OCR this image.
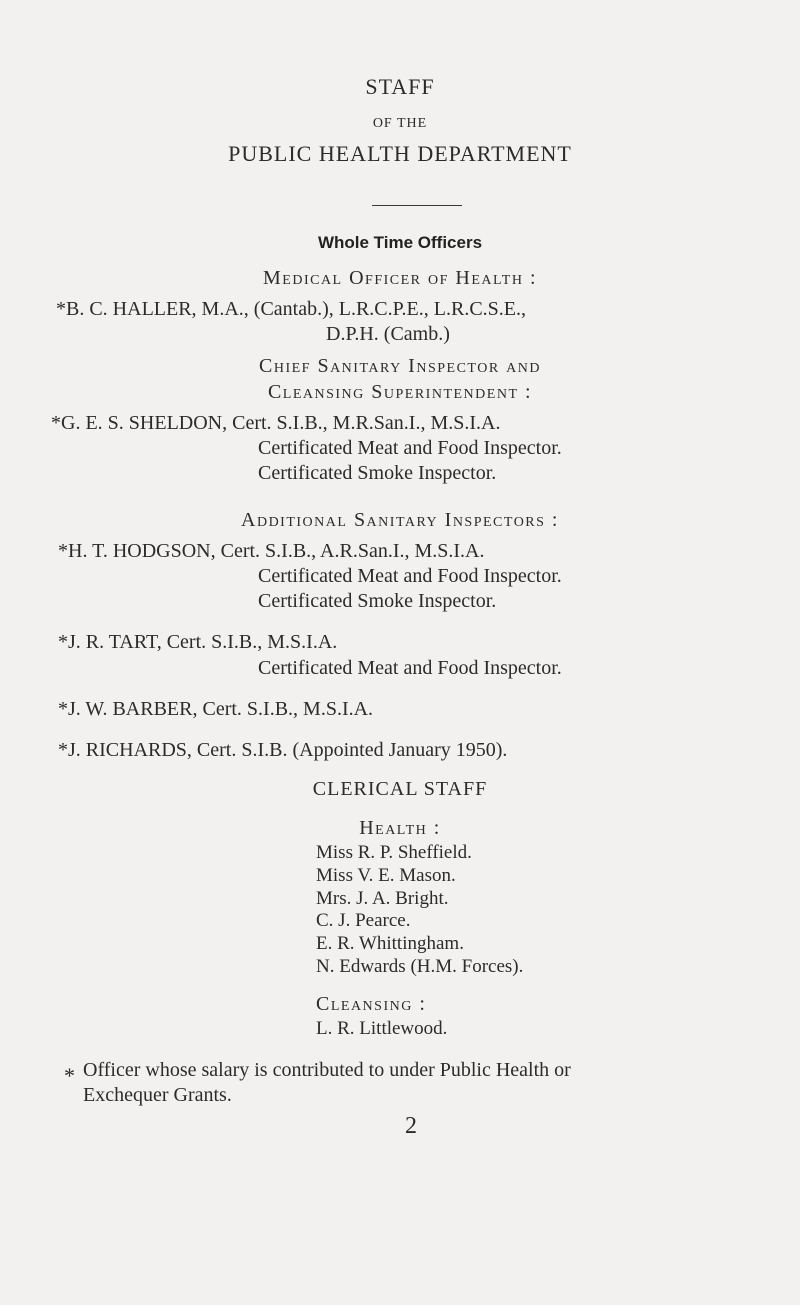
STAFF
OF THE
PUBLIC HEALTH DEPARTMENT
Whole Time Officers
Medical Officer of Health :
*B. C. HALLER, M.A., (Cantab.), L.R.C.P.E., L.R.C.S.E.,
D.P.H. (Camb.)
Chief Sanitary Inspector and
Cleansing Superintendent :
*G. E. S. SHELDON, Cert. S.I.B., M.R.San.I., M.S.I.A.
Certificated Meat and Food Inspector.
Certificated Smoke Inspector.
Additional Sanitary Inspectors :
*H. T. HODGSON, Cert. S.I.B., A.R.San.I., M.S.I.A.
Certificated Meat and Food Inspector.
Certificated Smoke Inspector.
*J. R. TART, Cert. S.I.B., M.S.I.A.
Certificated Meat and Food Inspector.
*J. W. BARBER, Cert. S.I.B., M.S.I.A.
*J. RICHARDS, Cert. S.I.B. (Appointed January 1950).
CLERICAL STAFF
Health :
Miss R. P. Sheffield.
Miss V. E. Mason.
Mrs. J. A. Bright.
C. J. Pearce.
E. R. Whittingham.
N. Edwards (H.M. Forces).
Cleansing :
L. R. Littlewood.
* Officer whose salary is contributed to under Public Health or
Exchequer Grants.
2
